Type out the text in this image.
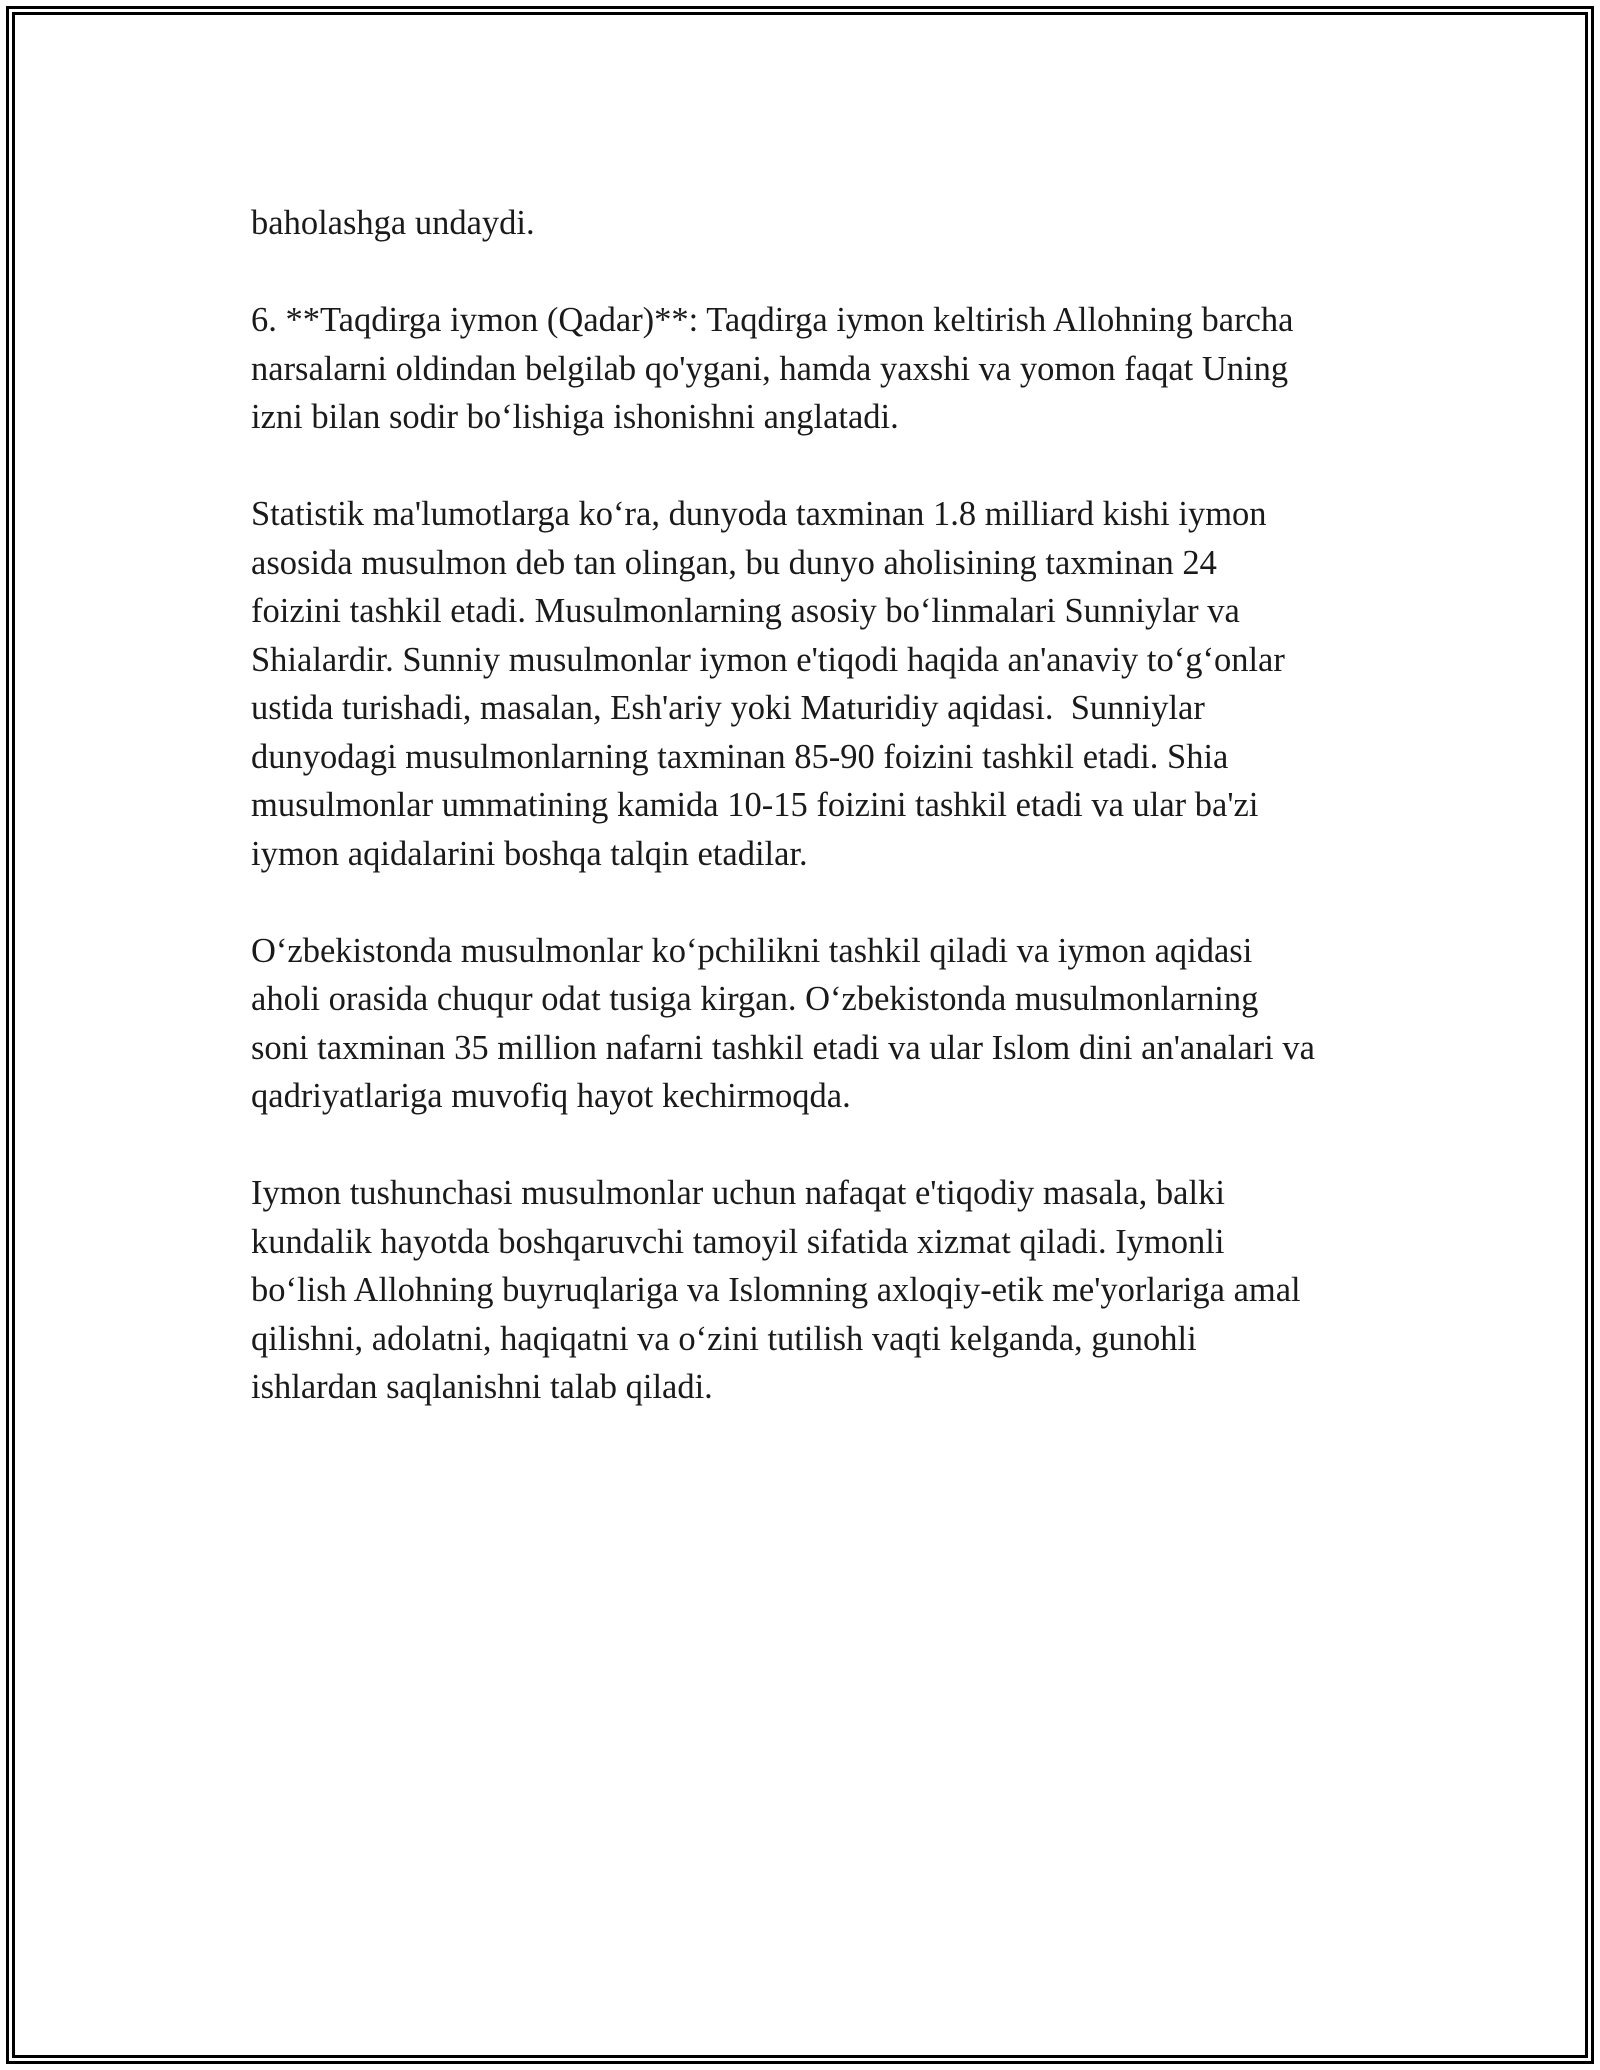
baholashga undaydi.
6. **Taqdirga iymon (Qadar)**: Taqdirga iymon keltirish Allohning barcha
narsalarni oldindan belgilab qo'ygani, hamda yaxshi va yomon faqat Uning
izni bilan sodir bo‘lishiga ishonishni anglatadi.
Statistik ma'lumotlarga ko‘ra, dunyoda taxminan 1.8 milliard kishi iymon
asosida musulmon deb tan olingan, bu dunyo aholisining taxminan 24
foizini tashkil etadi. Musulmonlarning asosiy bo‘linmalari Sunniylar va
Shialardir. Sunniy musulmonlar iymon e'tiqodi haqida an'anaviy to‘g‘onlar
ustida turishadi, masalan, Esh'ariy yoki Maturidiy aqidasi.  Sunniylar
dunyodagi musulmonlarning taxminan 85-90 foizini tashkil etadi. Shia
musulmonlar ummatining kamida 10-15 foizini tashkil etadi va ular ba'zi
iymon aqidalarini boshqa talqin etadilar.
O‘zbekistonda musulmonlar ko‘pchilikni tashkil qiladi va iymon aqidasi
aholi orasida chuqur odat tusiga kirgan. O‘zbekistonda musulmonlarning
soni taxminan 35 million nafarni tashkil etadi va ular Islom dini an'analari va
qadriyatlariga muvofiq hayot kechirmoqda.
Iymon tushunchasi musulmonlar uchun nafaqat e'tiqodiy masala, balki
kundalik hayotda boshqaruvchi tamoyil sifatida xizmat qiladi. Iymonli
bo‘lish Allohning buyruqlariga va Islomning axloqiy-etik me'yorlariga amal
qilishni, adolatni, haqiqatni va o‘zini tutilish vaqti kelganda, gunohli
ishlardan saqlanishni talab qiladi.
